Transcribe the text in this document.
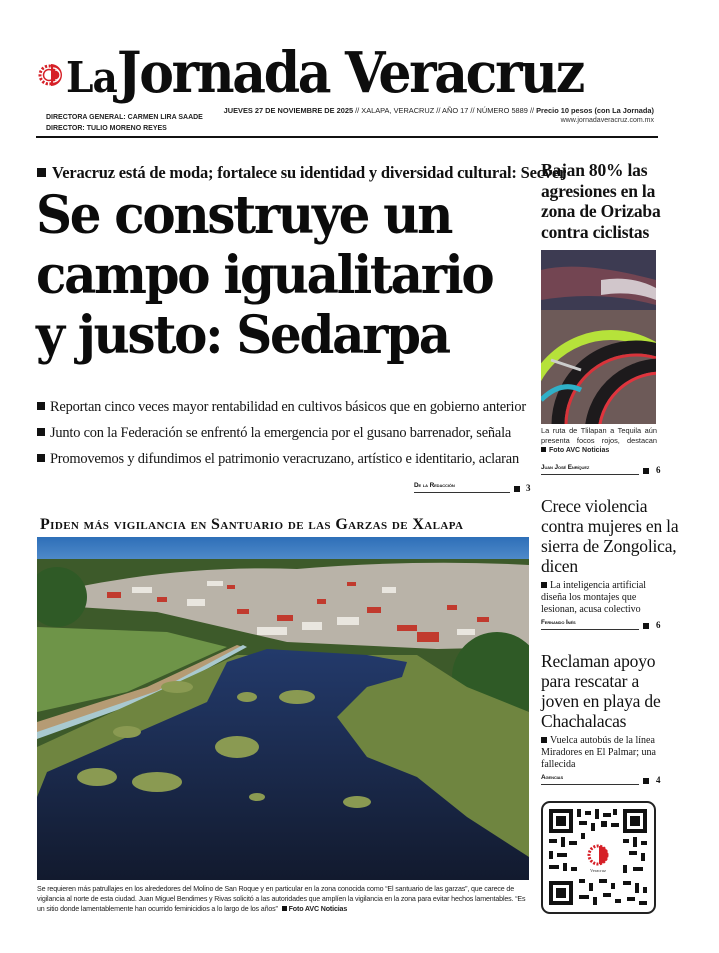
LaJornada Veracruz
DIRECTORA GENERAL: CARMEN LIRA SAADE
DIRECTOR: TULIO MORENO REYES
JUEVES 27 DE NOVIEMBRE DE 2025 // XALAPA, VERACRUZ // AÑO 17 // NÚMERO 5889 // Precio 10 pesos (con La Jornada)
www.jornadaveracruz.com.mx
Veracruz está de moda; fortalece su identidad y diversidad cultural: Secver
Se construye un campo igualitario y justo: Sedarpa
Reportan cinco veces mayor rentabilidad en cultivos básicos que en gobierno anterior
Junto con la Federación se enfrentó la emergencia por el gusano barrenador, señala
Promovemos y difundimos el patrimonio veracruzano, artístico e identitario, aclaran
De la Redacción	3
Piden más vigilancia en Santuario de las Garzas de Xalapa

Se requieren más patrullajes en los alrededores del Molino de San Roque y en particular en la zona conocida como “El santuario de las garzas”, que carece de vigilancia al norte de esta ciudad. Juan Miguel Bendimes y Rivas solicitó a las autoridades que amplíen la vigilancia en la zona para evitar hechos lamentables. “Es un sitio donde lamentablemente han ocurrido feminicidios a lo largo de los años” Foto AVC Noticias

Bajan 80% las agresiones en la zona de Orizaba contra ciclistas

La ruta de Tlilapan a Tequila aún presenta focos rojos, destacan
Foto AVC Noticias

Juan José Enríquez	6
Crece violencia contra mujeres en la sierra de Zongolica, dicen

La inteligencia artificial diseña los montajes que lesionan, acusa colectivo

Fernando Inés	6
Reclaman apoyo para rescatar a joven en playa de Chachalacas

Vuelca autobús de la línea Miradores en El Palmar; una fallecida

Agencias	4
Veracruz
